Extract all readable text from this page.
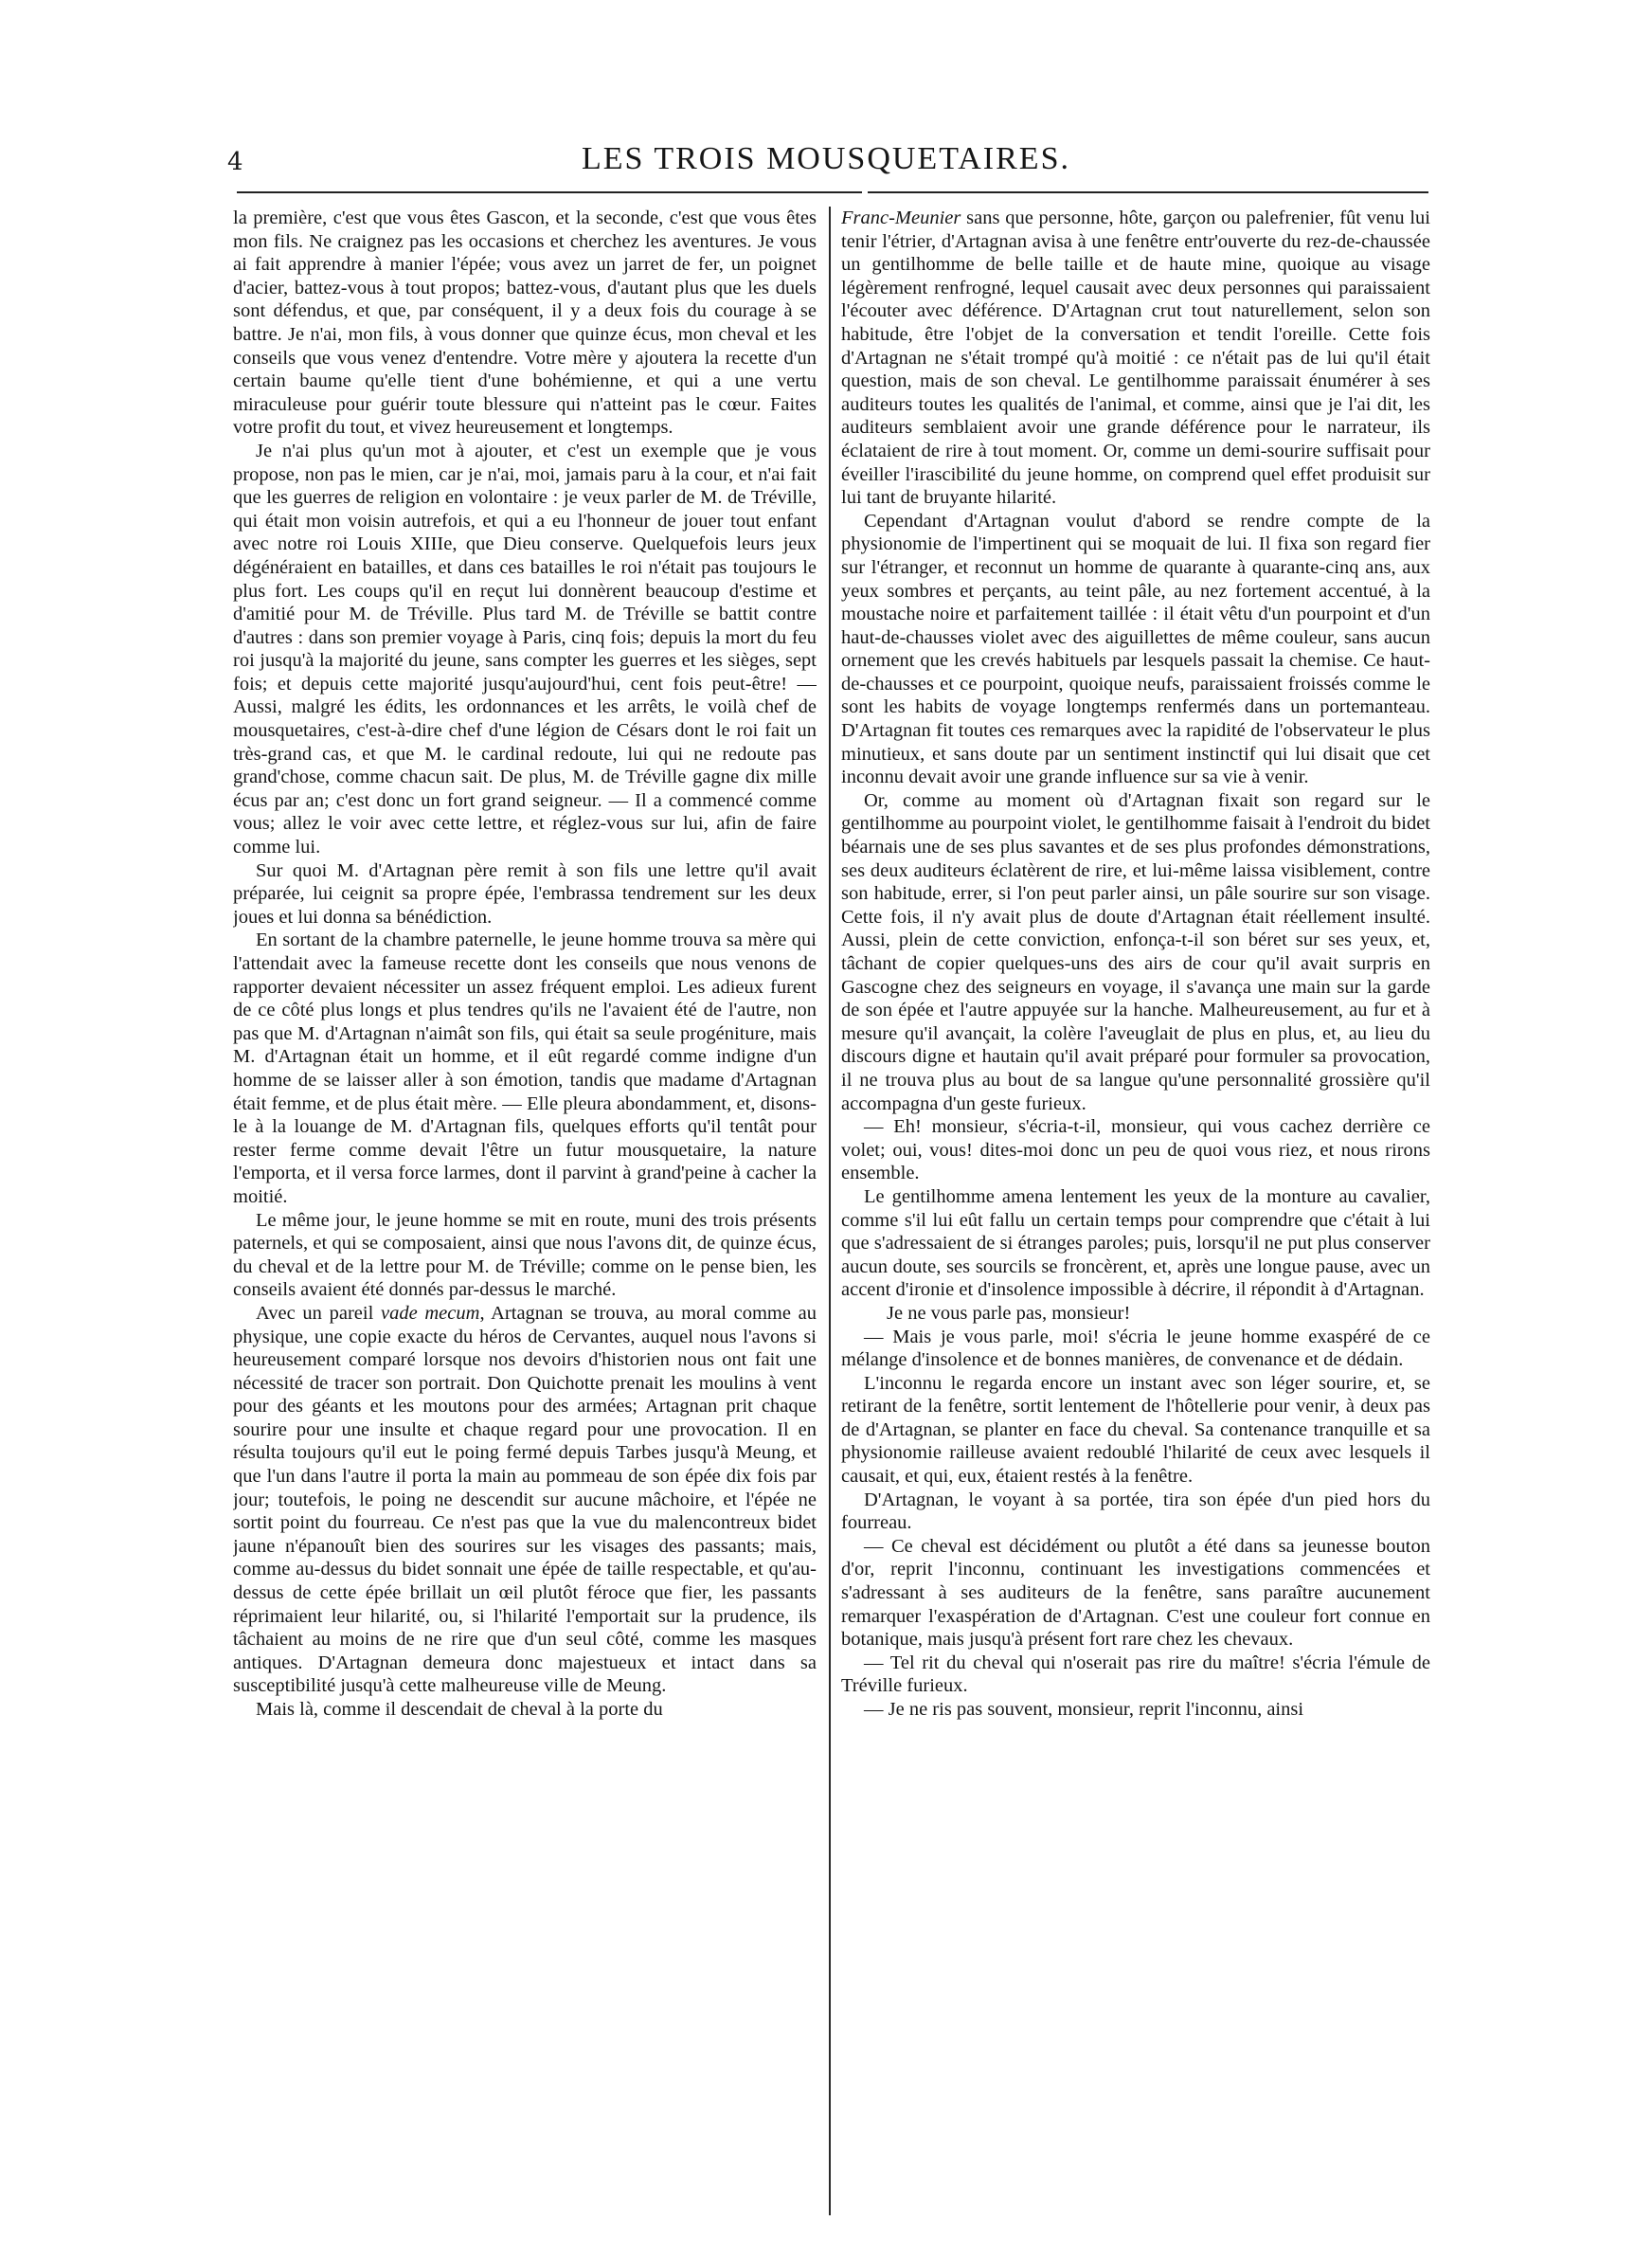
4	LES TROIS MOUSQUETAIRES.

la première, c'est que vous êtes Gascon, et la seconde, c'est que vous êtes mon fils. Ne craignez pas les occasions et cherchez les aventures. Je vous ai fait apprendre à manier l'épée; vous avez un jarret de fer, un poignet d'acier, battez-vous à tout propos; battez-vous, d'autant plus que les duels sont défendus, et que, par conséquent, il y a deux fois du courage à se battre. Je n'ai, mon fils, à vous donner que quinze écus, mon cheval et les conseils que vous venez d'entendre. Votre mère y ajoutera la recette d'un certain baume qu'elle tient d'une bohémienne, et qui a une vertu miraculeuse pour guérir toute blessure qui n'atteint pas le cœur. Faites votre profit du tout, et vivez heureusement et longtemps.

Je n'ai plus qu'un mot à ajouter, et c'est un exemple que je vous propose, non pas le mien, car je n'ai, moi, jamais paru à la cour, et n'ai fait que les guerres de religion en volontaire : je veux parler de M. de Tréville, qui était mon voisin autrefois, et qui a eu l'honneur de jouer tout enfant avec notre roi Louis XIIIe, que Dieu conserve. Quelquefois leurs jeux dégénéraient en batailles, et dans ces batailles le roi n'était pas toujours le plus fort. Les coups qu'il en reçut lui donnèrent beaucoup d'estime et d'amitié pour M. de Tréville. Plus tard M. de Tréville se battit contre d'autres : dans son premier voyage à Paris, cinq fois; depuis la mort du feu roi jusqu'à la majorité du jeune, sans compter les guerres et les sièges, sept fois; et depuis cette majorité jusqu'aujourd'hui, cent fois peut-être! — Aussi, malgré les édits, les ordonnances et les arrêts, le voilà chef de mousquetaires, c'est-à-dire chef d'une légion de Césars dont le roi fait un très-grand cas, et que M. le cardinal redoute, lui qui ne redoute pas grand'chose, comme chacun sait. De plus, M. de Tréville gagne dix mille écus par an; c'est donc un fort grand seigneur. — Il a commencé comme vous; allez le voir avec cette lettre, et réglez-vous sur lui, afin de faire comme lui.

Sur quoi M. d'Artagnan père remit à son fils une lettre qu'il avait préparée, lui ceignit sa propre épée, l'embrassa tendrement sur les deux joues et lui donna sa bénédiction.

En sortant de la chambre paternelle, le jeune homme trouva sa mère qui l'attendait avec la fameuse recette dont les conseils que nous venons de rapporter devaient nécessiter un assez fréquent emploi. Les adieux furent de ce côté plus longs et plus tendres qu'ils ne l'avaient été de l'autre, non pas que M. d'Artagnan n'aimât son fils, qui était sa seule progéniture, mais M. d'Artagnan était un homme, et il eût regardé comme indigne d'un homme de se laisser aller à son émotion, tandis que madame d'Artagnan était femme, et de plus était mère. — Elle pleura abondamment, et, disons-le à la louange de M. d'Artagnan fils, quelques efforts qu'il tentât pour rester ferme comme devait l'être un futur mousquetaire, la nature l'emporta, et il versa force larmes, dont il parvint à grand'peine à cacher la moitié.

Le même jour, le jeune homme se mit en route, muni des trois présents paternels, et qui se composaient, ainsi que nous l'avons dit, de quinze écus, du cheval et de la lettre pour M. de Tréville; comme on le pense bien, les conseils avaient été donnés par-dessus le marché.

Avec un pareil vade mecum, Artagnan se trouva, au moral comme au physique, une copie exacte du héros de Cervantes, auquel nous l'avons si heureusement comparé lorsque nos devoirs d'historien nous ont fait une nécessité de tracer son portrait. Don Quichotte prenait les moulins à vent pour des géants et les moutons pour des armées; Artagnan prit chaque sourire pour une insulte et chaque regard pour une provocation. Il en résulta toujours qu'il eut le poing fermé depuis Tarbes jusqu'à Meung, et que l'un dans l'autre il porta la main au pommeau de son épée dix fois par jour; toutefois, le poing ne descendit sur aucune mâchoire, et l'épée ne sortit point du fourreau. Ce n'est pas que la vue du malencontreux bidet jaune n'épanouît bien des sourires sur les visages des passants; mais, comme au-dessus du bidet sonnait une épée de taille respectable, et qu'au-dessus de cette épée brillait un œil plutôt féroce que fier, les passants réprimaient leur hilarité, ou, si l'hilarité l'emportait sur la prudence, ils tâchaient au moins de ne rire que d'un seul côté, comme les masques antiques. D'Artagnan demeura donc majestueux et intact dans sa susceptibilité jusqu'à cette malheureuse ville de Meung.

Mais là, comme il descendait de cheval à la porte du

Franc-Meunier sans que personne, hôte, garçon ou palefrenier, fût venu lui tenir l'étrier, d'Artagnan avisa à une fenêtre entr'ouverte du rez-de-chaussée un gentilhomme de belle taille et de haute mine, quoique au visage légèrement renfrogné, lequel causait avec deux personnes qui paraissaient l'écouter avec déférence. D'Artagnan crut tout naturellement, selon son habitude, être l'objet de la conversation et tendit l'oreille. Cette fois d'Artagnan ne s'était trompé qu'à moitié : ce n'était pas de lui qu'il était question, mais de son cheval. Le gentilhomme paraissait énumérer à ses auditeurs toutes les qualités de l'animal, et comme, ainsi que je l'ai dit, les auditeurs semblaient avoir une grande déférence pour le narrateur, ils éclataient de rire à tout moment. Or, comme un demi-sourire suffisait pour éveiller l'irascibilité du jeune homme, on comprend quel effet produisit sur lui tant de bruyante hilarité.

Cependant d'Artagnan voulut d'abord se rendre compte de la physionomie de l'impertinent qui se moquait de lui. Il fixa son regard fier sur l'étranger, et reconnut un homme de quarante à quarante-cinq ans, aux yeux sombres et perçants, au teint pâle, au nez fortement accentué, à la moustache noire et parfaitement taillée : il était vêtu d'un pourpoint et d'un haut-de-chausses violet avec des aiguillettes de même couleur, sans aucun ornement que les crevés habituels par lesquels passait la chemise. Ce haut-de-chausses et ce pourpoint, quoique neufs, paraissaient froissés comme le sont les habits de voyage longtemps renfermés dans un portemanteau. D'Artagnan fit toutes ces remarques avec la rapidité de l'observateur le plus minutieux, et sans doute par un sentiment instinctif qui lui disait que cet inconnu devait avoir une grande influence sur sa vie à venir.

Or, comme au moment où d'Artagnan fixait son regard sur le gentilhomme au pourpoint violet, le gentilhomme faisait à l'endroit du bidet béarnais une de ses plus savantes et de ses plus profondes démonstrations, ses deux auditeurs éclatèrent de rire, et lui-même laissa visiblement, contre son habitude, errer, si l'on peut parler ainsi, un pâle sourire sur son visage. Cette fois, il n'y avait plus de doute d'Artagnan était réellement insulté. Aussi, plein de cette conviction, enfonça-t-il son béret sur ses yeux, et, tâchant de copier quelques-uns des airs de cour qu'il avait surpris en Gascogne chez des seigneurs en voyage, il s'avança une main sur la garde de son épée et l'autre appuyée sur la hanche. Malheureusement, au fur et à mesure qu'il avançait, la colère l'aveuglait de plus en plus, et, au lieu du discours digne et hautain qu'il avait préparé pour formuler sa provocation, il ne trouva plus au bout de sa langue qu'une personnalité grossière qu'il accompagna d'un geste furieux.

— Eh! monsieur, s'écria-t-il, monsieur, qui vous cachez derrière ce volet; oui, vous! dites-moi donc un peu de quoi vous riez, et nous rirons ensemble.

Le gentilhomme amena lentement les yeux de la monture au cavalier, comme s'il lui eût fallu un certain temps pour comprendre que c'était à lui que s'adressaient de si étranges paroles; puis, lorsqu'il ne put plus conserver aucun doute, ses sourcils se froncèrent, et, après une longue pause, avec un accent d'ironie et d'insolence impossible à décrire, il répondit à d'Artagnan.

Je ne vous parle pas, monsieur!

— Mais je vous parle, moi! s'écria le jeune homme exaspéré de ce mélange d'insolence et de bonnes manières, de convenance et de dédain.

L'inconnu le regarda encore un instant avec son léger sourire, et, se retirant de la fenêtre, sortit lentement de l'hôtellerie pour venir, à deux pas de d'Artagnan, se planter en face du cheval. Sa contenance tranquille et sa physionomie railleuse avaient redoublé l'hilarité de ceux avec lesquels il causait, et qui, eux, étaient restés à la fenêtre.

D'Artagnan, le voyant à sa portée, tira son épée d'un pied hors du fourreau.

— Ce cheval est décidément ou plutôt a été dans sa jeunesse bouton d'or, reprit l'inconnu, continuant les investigations commencées et s'adressant à ses auditeurs de la fenêtre, sans paraître aucunement remarquer l'exaspération de d'Artagnan. C'est une couleur fort connue en botanique, mais jusqu'à présent fort rare chez les chevaux.

— Tel rit du cheval qui n'oserait pas rire du maître! s'écria l'émule de Tréville furieux.

— Je ne ris pas souvent, monsieur, reprit l'inconnu, ainsi
